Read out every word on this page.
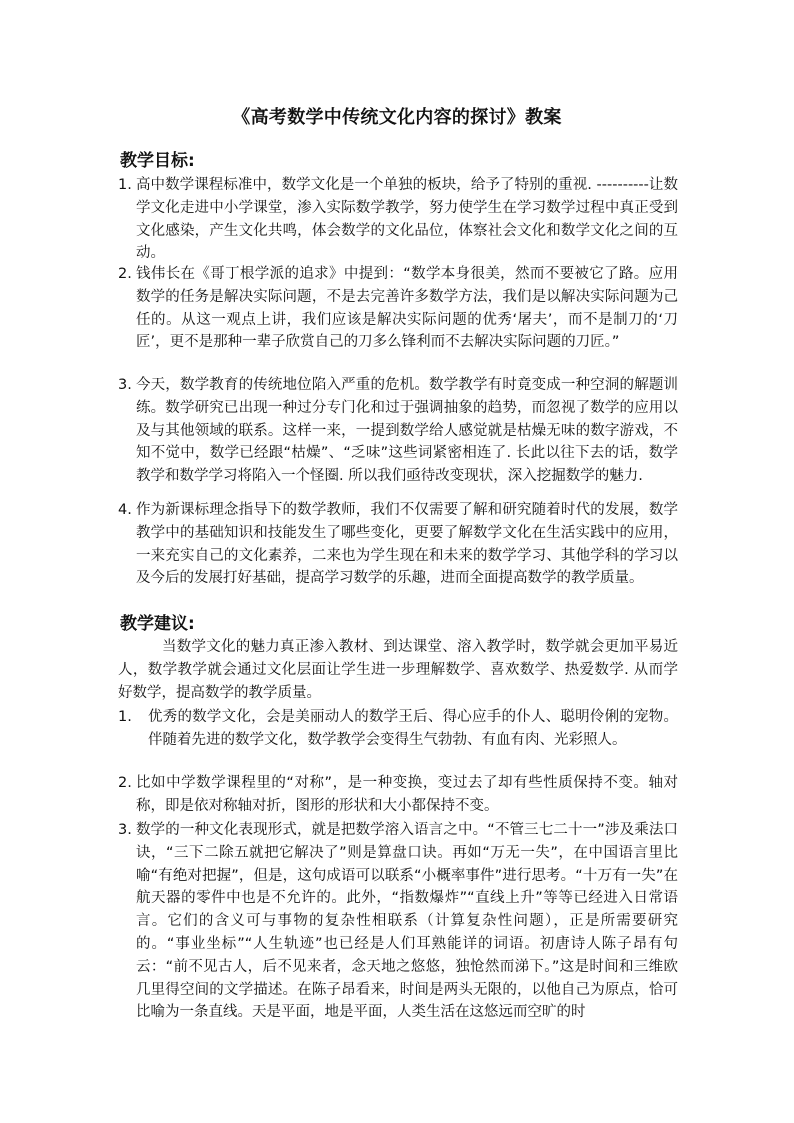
《高考数学中传统文化内容的探讨》教案
教学目标:
1. 高中数学课程标准中，数学文化是一个单独的板块，给予了特别的重视. ----------让数学文化走进中小学课堂，渗入实际数学教学，努力使学生在学习数学过程中真正受到文化感染，产生文化共鸣，体会数学的文化品位，体察社会文化和数学文化之间的互动。
2. 钱伟长在《哥丁根学派的追求》中提到：“数学本身很美，然而不要被它了路。应用数学的任务是解决实际问题，不是去完善许多数学方法，我们是以解决实际问题为己任的。从这一观点上讲，我们应该是解决实际问题的优秀‘屠夫’，而不是制刀的‘刀匠’，更不是那种一辈子欣赏自己的刀多么锋利而不去解决实际问题的刀匠。”
3. 今天，数学教育的传统地位陷入严重的危机。数学教学有时竟变成一种空洞的解题训练。数学研究已出现一种过分专门化和过于强调抽象的趋势，而忽视了数学的应用以及与其他领域的联系。这样一来，一提到数学给人感觉就是枯燥无味的数字游戏，不知不觉中，数学已经跟“枯燥”、“乏味”这些词紧密相连了. 长此以往下去的话，数学教学和数学学习将陷入一个怪圈. 所以我们亟待改变现状，深入挖掘数学的魅力.
4. 作为新课标理念指导下的数学教师，我们不仅需要了解和研究随着时代的发展，数学教学中的基础知识和技能发生了哪些变化，更要了解数学文化在生活实践中的应用，一来充实自己的文化素养，二来也为学生现在和未来的数学学习、其他学科的学习以及今后的发展打好基础，提高学习数学的乐趣，进而全面提高数学的教学质量。
教学建议:
当数学文化的魅力真正渗入教材、到达课堂、溶入教学时，数学就会更加平易近人，数学教学就会通过文化层面让学生进一步理解数学、喜欢数学、热爱数学. 从而学好数学，提高数学的教学质量。
1.	优秀的数学文化，会是美丽动人的数学王后、得心应手的仆人、聪明伶俐的宠物。伴随着先进的数学文化，数学教学会变得生气勃勃、有血有肉、光彩照人。
2. 比如中学数学课程里的“对称”，是一种变换，变过去了却有些性质保持不变。轴对称，即是依对称轴对折，图形的形状和大小都保持不变。
3. 数学的一种文化表现形式，就是把数学溶入语言之中。“不管三七二十一”涉及乘法口诀，“三下二除五就把它解决了”则是算盘口诀。再如“万无一失”，在中国语言里比喻“有绝对把握”，但是，这句成语可以联系“小概率事件”进行思考。“十万有一失”在航天器的零件中也是不允许的。此外，“指数爆炸”“直线上升”等等已经进入日常语言。它们的含义可与事物的复杂性相联系（计算复杂性问题），正是所需要研究的。“事业坐标”“人生轨迹”也已经是人们耳熟能详的词语。初唐诗人陈子昂有句云：“前不见古人，后不见来者，念天地之悠悠，独怆然而涕下。”这是时间和三维欧几里得空间的文学描述。在陈子昂看来，时间是两头无限的，以他自己为原点，恰可比喻为一条直线。天是平面，地是平面，人类生活在这悠远而空旷的时
